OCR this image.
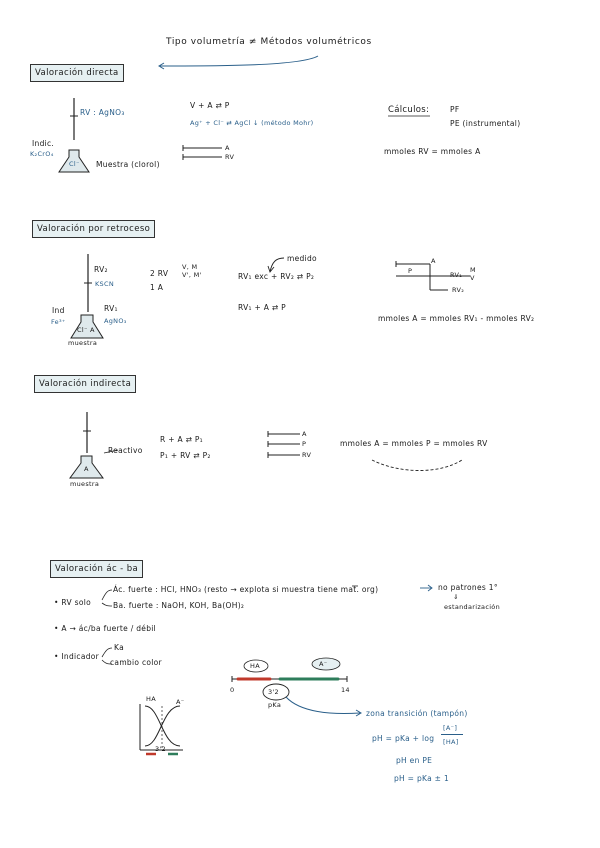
Tipo volumetría ≠ Métodos volumétricos
Valoración directa
RV : AgNO₃
Indic.
K₂CrO₄
Cl⁻ Muestra (clorol)
V + A ⇄ P
Ag⁺ + Cl⁻ ⇄ AgCl ↓ (método Mohr)
A
RV
Cálculos:	PF
PE (instrumental)
mmoles RV = mmoles A
Valoración por retroceso
RV₂
KSCN
Ind
Fe³⁺
RV₁
AgNO₃
Cl⁻ A
muestra
2 RV
1 A
V, M
V', M'
medido
RV₁ exc + RV₂ ⇄ P₂
RV₁ + A ⇄ P
A
P	RV₁
M V
RV₂
mmoles A = mmoles RV₁ - mmoles RV₂
Valoración indirecta
Reactivo
A
muestra
R + A ⇄ P₁
P₁ + RV ⇄ P₂
A
P
RV
mmoles A = mmoles P = mmoles RV
Valoración ác - ba
• RV solo
Ác. fuerte : HCl, HNO₃ (resto → explota si muestra tiene mat. org)
Ba. fuerte : NaOH, KOH, Ba(OH)₂
no patrones 1°
⇓
estandarización
• A → ác/ba fuerte / débil
• Indicador
Ka
cambio color	HA	A⁻
0	14
3'2
pKa
zona transición (tampón)
pH = pKa + log
[A⁻]
[HA]
pH en PE
pH = pKa ± 1
HA	A⁻
3'2
